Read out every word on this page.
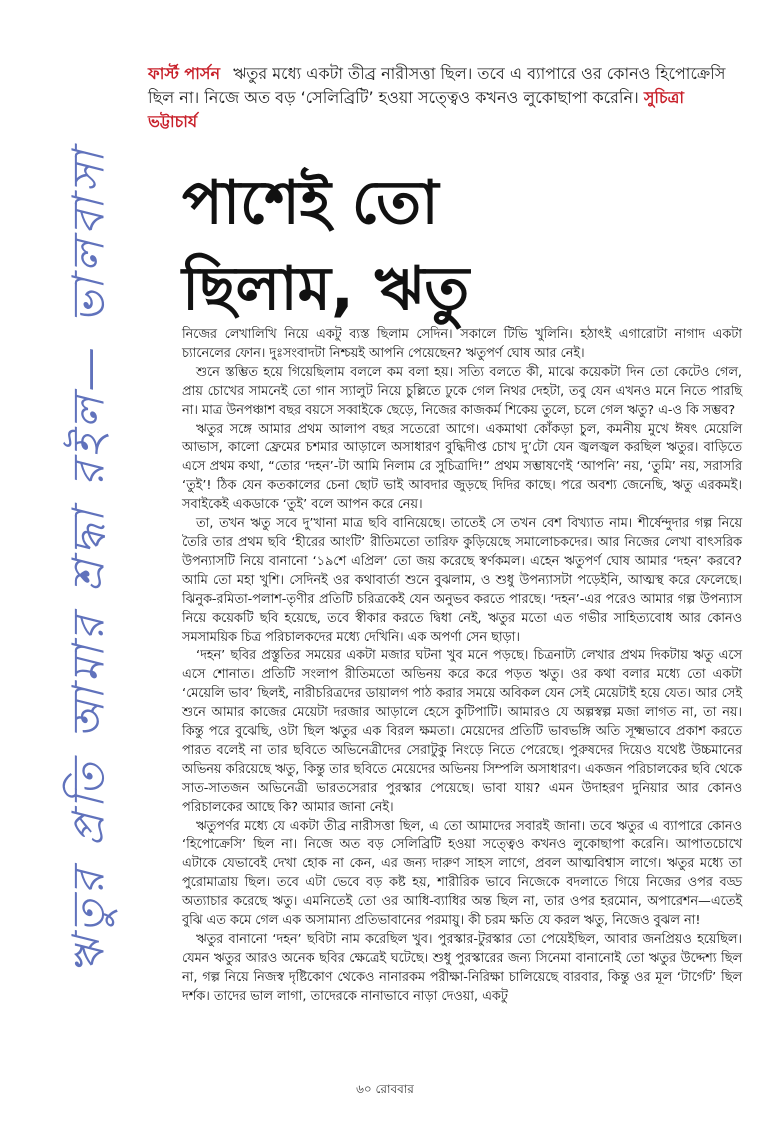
ঋতুর প্রতি আমার শ্রদ্ধা রইল— ভালবাসা
ফার্স্ট পার্সন ঋতুর মধ্যে একটা তীব্র নারীসত্তা ছিল। তবে এ ব্যাপারে ওর কোনও হিপোক্রেসি ছিল না। নিজে অত বড় ‘সেলিব্রিটি’ হওয়া সত্ত্বেও কখনও লুকোছাপা করেনি। সুচিত্রা ভট্টাচার্য
পাশেই তো
ছিলাম, ঋতু

নিজের লেখালিখি নিয়ে একটু ব্যস্ত ছিলাম সেদিন। সকালে টিভি খুলিনি। হঠাৎই এগারোটা নাগাদ একটা চ্যানেলের ফোন। দুঃসংবাদটা নিশ্চয়ই আপনি পেয়েছেন? ঋতুপর্ণ ঘোষ আর নেই।

শুনে স্তম্ভিত হয়ে গিয়েছিলাম বললে কম বলা হয়। সত্যি বলতে কী, মাঝে কয়েকটা দিন তো কেটেও গেল, প্রায় চোখের সামনেই তো গান স্যালুট নিয়ে চুল্লিতে ঢুকে গেল নিথর দেহটা, তবু যেন এখনও মনে নিতে পারছি না। মাত্র উনপঞ্চাশ বছর বয়সে সব্বাইকে ছেড়ে, নিজের কাজকর্ম শিকেয় তুলে, চলে গেল ঋতু? এ-ও কি সম্ভব?

ঋতুর সঙ্গে আমার প্রথম আলাপ বছর সতেরো আগে। একমাথা কোঁকড়া চুল, কমনীয় মুখে ঈষৎ মেয়েলি আভাস, কালো ফ্রেমের চশমার আড়ালে অসাধারণ বুদ্ধিদীপ্ত চোখ দু’টো যেন জ্বলজ্বল করছিল ঋতুর। বাড়িতে এসে প্রথম কথা, “তোর ‘দহন’-টা আমি নিলাম রে সুচিত্রাদি!” প্রথম সম্ভাষণেই ‘আপনি’ নয়, ‘তুমি’ নয়, সরাসরি ‘তুই’! ঠিক যেন কতকালের চেনা ছোট ভাই আবদার জুড়ছে দিদির কাছে। পরে অবশ্য জেনেছি, ঋতু এরকমই। সবাইকেই একডাকে ‘তুই’ বলে আপন করে নেয়।

তা, তখন ঋতু সবে দু’খানা মাত্র ছবি বানিয়েছে। তাতেই সে তখন বেশ বিখ্যাত নাম। শীর্ষেন্দুদার গল্প নিয়ে তৈরি তার প্রথম ছবি ‘হীরের আংটি’ রীতিমতো তারিফ কুড়িয়েছে সমালোচকদের। আর নিজের লেখা বাৎসরিক উপন্যাসটি নিয়ে বানানো ‘১৯শে এপ্রিল’ তো জয় করেছে স্বর্ণকমল। এহেন ঋতুপর্ণ ঘোষ আমার ‘দহন’ করবে? আমি তো মহা খুশি। সেদিনই ওর কথাবার্তা শুনে বুঝলাম, ও শুধু উপন্যাসটা পড়েইনি, আত্মস্থ করে ফেলেছে। ঝিনুক-রমিতা-পলাশ-তৃণীর প্রতিটি চরিত্রকেই যেন অনুভব করতে পারছে। ‘দহন’-এর পরেও আমার গল্প উপন্যাস নিয়ে কয়েকটি ছবি হয়েছে, তবে স্বীকার করতে দ্বিধা নেই, ঋতুর মতো এত গভীর সাহিত্যবোধ আর কোনও সমসাময়িক চিত্র পরিচালকদের মধ্যে দেখিনি। এক অপর্ণা সেন ছাড়া।

‘দহন’ ছবির প্রস্তুতির সময়ের একটা মজার ঘটনা খুব মনে পড়ছে। চিত্রনাট্য লেখার প্রথম দিকটায় ঋতু এসে এসে শোনাত। প্রতিটি সংলাপ রীতিমতো অভিনয় করে করে পড়ত ঋতু। ওর কথা বলার মধ্যে তো একটা ‘মেয়েলি ভাব’ ছিলই, নারীচরিত্রদের ডায়ালগ পাঠ করার সময়ে অবিকল যেন সেই মেয়েটাই হয়ে যেত। আর সেই শুনে আমার কাজের মেয়েটা দরজার আড়ালে হেসে কুটিপাটি। আমারও যে অল্পস্বল্প মজা লাগত না, তা নয়। কিন্তু পরে বুঝেছি, ওটা ছিল ঋতুর এক বিরল ক্ষমতা। মেয়েদের প্রতিটি ভাবভঙ্গি অতি সূক্ষ্মভাবে প্রকাশ করতে পারত বলেই না তার ছবিতে অভিনেত্রীদের সেরাটুকু নিংড়ে নিতে পেরেছে। পুরুষদের দিয়েও যথেষ্ট উচ্চমানের অভিনয় করিয়েছে ঋতু, কিন্তু তার ছবিতে মেয়েদের অভিনয় সিম্পলি অসাধারণ। একজন পরিচালকের ছবি থেকে সাত-সাতজন অভিনেত্রী ভারতসেরার পুরস্কার পেয়েছে। ভাবা যায়? এমন উদাহরণ দুনিয়ার আর কোনও পরিচালকের আছে কি? আমার জানা নেই।

ঋতুপর্ণর মধ্যে যে একটা তীব্র নারীসত্তা ছিল, এ তো আমাদের সবারই জানা। তবে ঋতুর এ ব্যাপারে কোনও ‘হিপোক্রেসি’ ছিল না। নিজে অত বড় সেলিব্রিটি হওয়া সত্ত্বেও কখনও লুকোছাপা করেনি। আপাতচোখে এটাকে যেভাবেই দেখা হোক না কেন, এর জন্য দারুণ সাহস লাগে, প্রবল আত্মবিশ্বাস লাগে। ঋতুর মধ্যে তা পুরোমাত্রায় ছিল। তবে এটা ভেবে বড় কষ্ট হয়, শারীরিক ভাবে নিজেকে বদলাতে গিয়ে নিজের ওপর বড্ড অত্যাচার করেছে ঋতু। এমনিতেই তো ওর আধি-ব্যাধির অন্ত ছিল না, তার ওপর হরমোন, অপারেশন—এতেই বুঝি এত কমে গেল এক অসামান্য প্রতিভাবানের পরমায়ু। কী চরম ক্ষতি যে করল ঋতু, নিজেও বুঝল না!

ঋতুর বানানো ‘দহন’ ছবিটা নাম করেছিল খুব। পুরস্কার-টুরস্কার তো পেয়েইছিল, আবার জনপ্রিয়ও হয়েছিল। যেমন ঋতুর আরও অনেক ছবির ক্ষেত্রেই ঘটেছে। শুধু পুরস্কারের জন্য সিনেমা বানানোই তো ঋতুর উদ্দেশ্য ছিল না, গল্প নিয়ে নিজস্ব দৃষ্টিকোণ থেকেও নানারকম পরীক্ষা-নিরিক্ষা চালিয়েছে বারবার, কিন্তু ওর মূল ‘টার্গেট’ ছিল দর্শক। তাদের ভাল লাগা, তাদেরকে নানাভাবে নাড়া দেওয়া, একটু

৬০ রোববার
